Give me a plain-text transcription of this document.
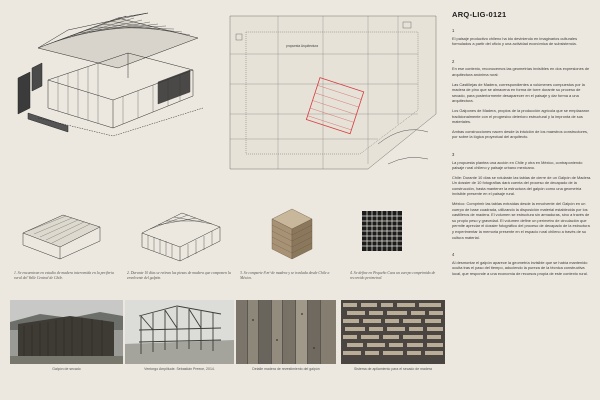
ARQ-LIG-0121
1

El paisaje productivo chileno ha ido deviniendo en imaginarios culturales formulados a partir del oficio y una actividad económica de subsistencia.

2

En ese contexto, reconocemos las geometrías invisibles en dos expresiones de arquitectura anónima rural:

Las Castillejas de Madera, correspondientes a volúmenes compuestos por la madera de pino que se almacena en forma de torre durante su proceso de secado, para posteriormente desaparecer en el paisaje y dar forma a una arquitectura.

Los Galpones de Madera, propios de la producción agrícola que se emplazaron tradicionalmente con el progresivo deterioro estructural y la impronta de sus materiales.

Ambas construcciones nacen desde la intuición de los maestros constructores, por sobre la lógica proyectual del arquitecto.

3

La propuesta plantea una acción en Chile y otra en México, contraponiendo paisaje rural chileno y paisaje urbano mexicano.

Chile: Durante 10 días se rotularán las tablas de cierre de un Galpón de Madera. Un dossier de 10 fotografías dará cuenta del proceso de decapado de la construcción, hasta mantener la estructura del galpón como una geometría invisible presente en el paisaje rural.

México: Comprimir las tablas extraídas desde la envolvente del Galpón en un cuerpo de base cuadrada, utilizando la disposición material establecida por los castilleros de madera. El volumen se estructura sin armaduras, sino a través de su propio peso y gravedad. El volumen define un perímetro de circulación que permite apreciar el dossier fotográfico del proceso de decapado de la estructura y experimentar la memoria presente en el espacio rural chileno a través de su cultura material.

4

Al desmontar el galpón aparece la geometría invisible que se había mantenido oculta tras el paso del tiempo, aduciendo la pureza de la técnica constructiva local, que responde a una economía de recursos propia de este contexto rural.

propuesta Arquitectura
1. Se encuentran en estudio de madera intervenida en la periferia rural del Valle Central de Chile.
2. Durante 10 días se retiran las piezas de madera que componen la envolvente del galpón.
3. Se comparte 8 m³ de madera y se traslada desde Chile a México.
4. Se define en Pequeño Caos un cuerpo comprimido de recorrido perimetral.
Galpón de secado	Ventorgo Amplitude. Sebastián Preece, 2014.	Detalle madera de revestimiento del galpón	Sistema de apilamiento para el secado de madera
